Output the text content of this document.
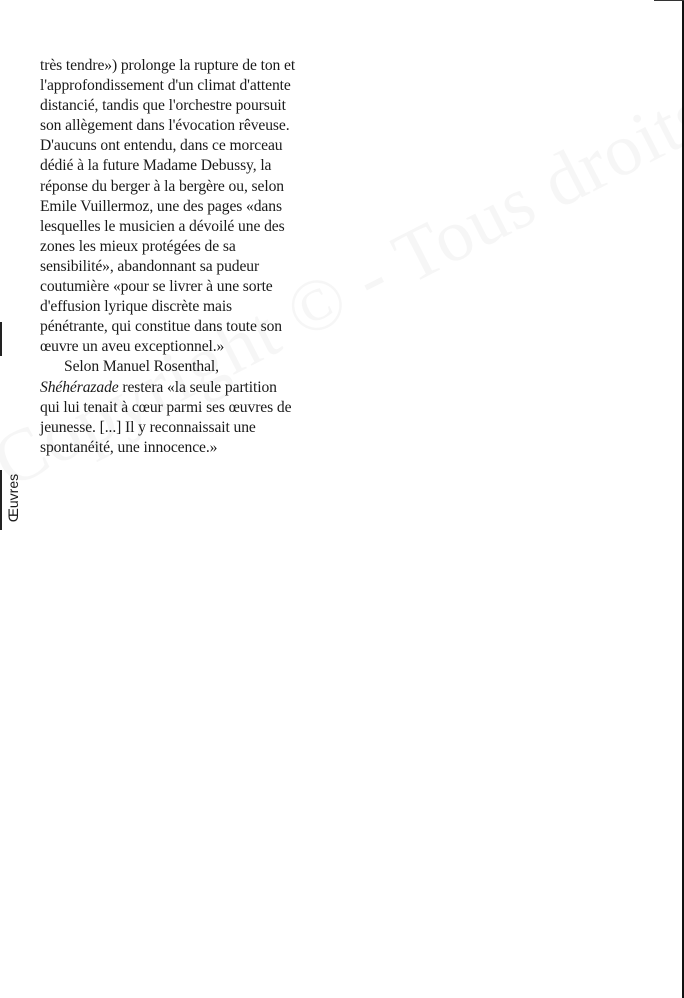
très tendre») prolonge la rupture de ton et
l'approfondissement d'un climat d'attente
distancié, tandis que l'orchestre poursuit
son allègement dans l'évocation rêveuse.
D'aucuns ont entendu, dans ce morceau
dédié à la future Madame Debussy, la
réponse du berger à la bergère ou, selon
Emile Vuillermoz, une des pages «dans
lesquelles le musicien a dévoilé une des
zones les mieux protégées de sa
sensibilité», abandonnant sa pudeur
coutumière «pour se livrer à une sorte
d'effusion lyrique discrète mais
pénétrante, qui constitue dans toute son
œuvre un aveu exceptionnel.»
Selon Manuel Rosenthal,
Shéhérazade restera «la seule partition
qui lui tenait à cœur parmi ses œuvres de
jeunesse. [...] Il y reconnaissait une
spontanéité, une innocence.»
Œuvres
